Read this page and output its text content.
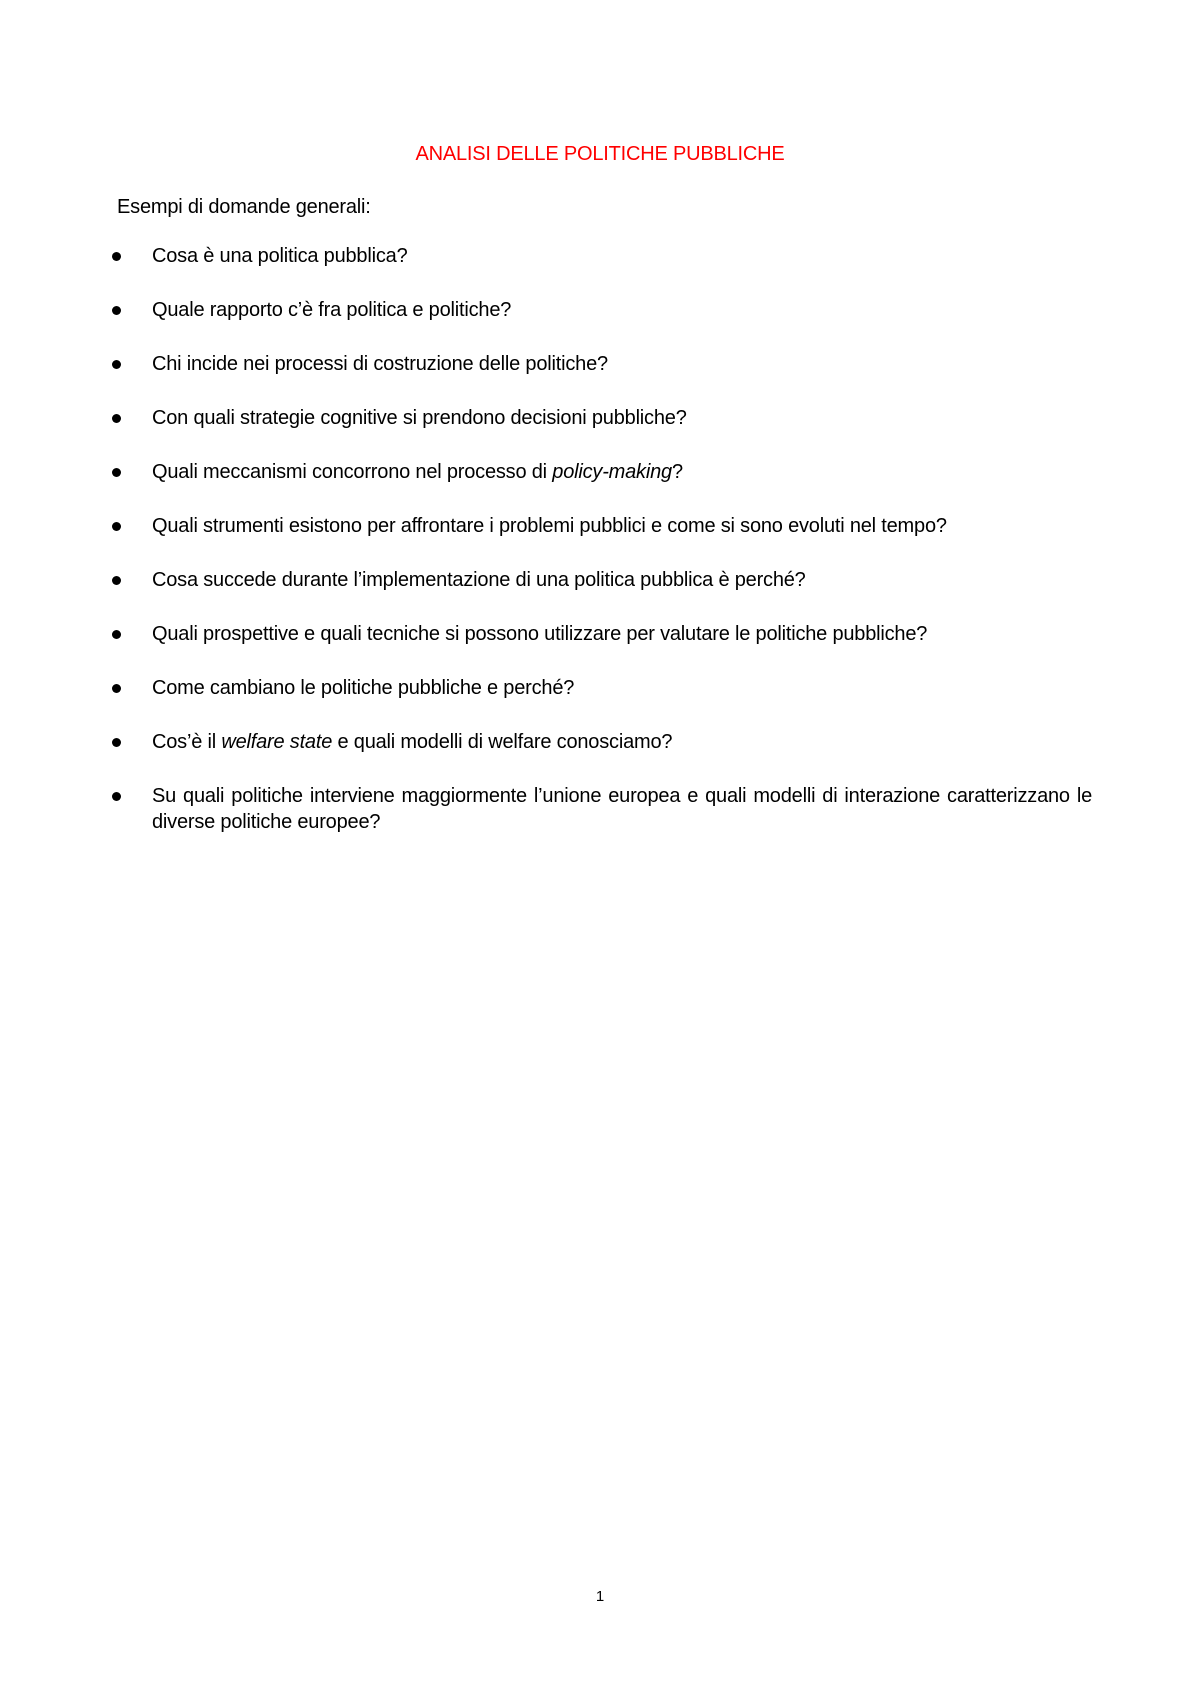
ANALISI DELLE POLITICHE PUBBLICHE
Esempi di domande generali:
Cosa è una politica pubblica?
Quale rapporto c’è fra politica e politiche?
Chi incide nei processi di costruzione delle politiche?
Con quali strategie cognitive si prendono decisioni pubbliche?
Quali meccanismi concorrono nel processo di policy-making?
Quali strumenti esistono per affrontare i problemi pubblici e come si sono evoluti nel tempo?
Cosa succede durante l’implementazione di una politica pubblica è perché?
Quali prospettive e quali tecniche si possono utilizzare per valutare le politiche pubbliche?
Come cambiano le politiche pubbliche e perché?
Cos’è il welfare state e quali modelli di welfare conosciamo?
Su quali politiche interviene maggiormente l’unione europea e quali modelli di interazione caratterizzano le diverse politiche europee?
1
